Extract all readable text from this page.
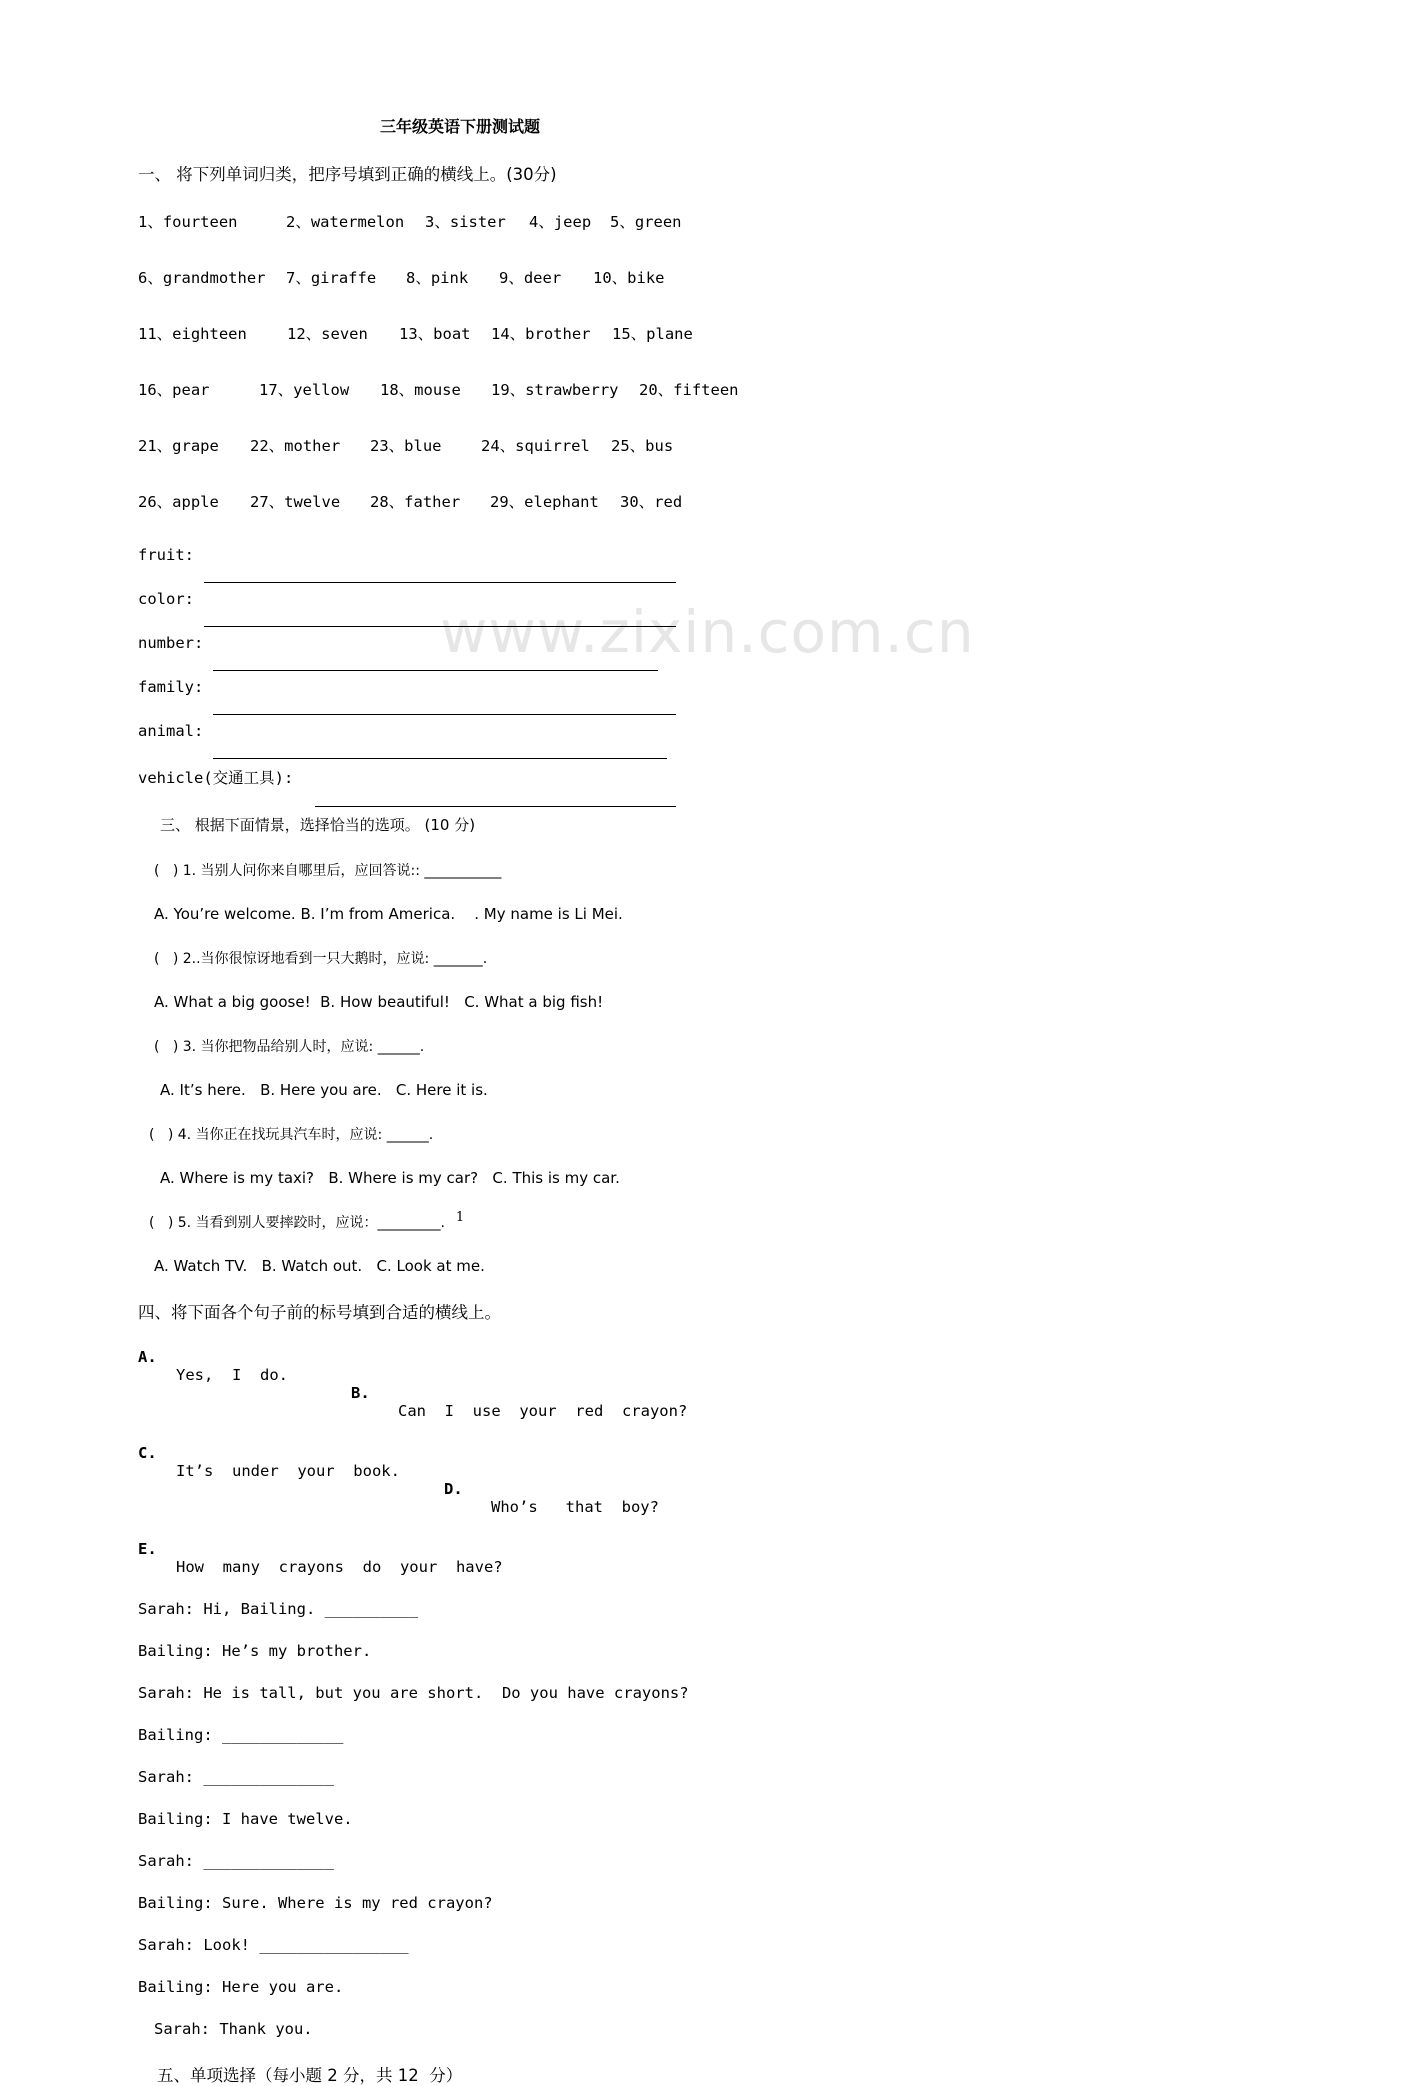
www.zixin.com.cn
三年级英语下册测试题
一、 将下列单词归类，把序号填到正确的横线上。(30分)
1、fourteen	2、watermelon 3、sister 4、jeep 5、green
6、grandmother 7、giraffe 8、pink 9、deer 10、bike
11、eighteen	12、seven 13、boat 14、brother 15、plane
16、pear	17、yellow 18、mouse 19、strawberry 20、fifteen
21、grape 22、mother 23、blue	24、squirrel 25、bus
26、apple 27、twelve 28、father 29、elephant 30、red
fruit:
color:
number:
family:
animal:
vehicle(交通工具):
三、 根据下面情景，选择恰当的选项。 (10 分)
(   ) 1. 当别人问你来自哪里后，应回答说:: ___________
A. You’re welcome. B. I’m from America.    . My name is Li Mei.
(   ) 2..当你很惊讶地看到一只大鹅时，应说: _______.
A. What a big goose!  B. How beautiful!   C. What a big fish!
(   ) 3. 当你把物品给别人时，应说: ______.
A. It’s here.   B. Here you are.   C. Here it is.
(   ) 4. 当你正在找玩具汽车时，应说: ______.
A. Where is my taxi?   B. Where is my car?   C. This is my car.
(   ) 5. 当看到别人要摔跤时，应说：_________.
A. Watch TV.   B. Watch out.   C. Look at me.
四、将下面各个句子前的标号填到合适的横线上。
A.
Yes,  I  do.
B.
Can  I  use  your  red  crayon?
C.
It’s  under  your  book.
D.
Who’s   that  boy?
E.
How  many  crayons  do  your  have?
Sarah: Hi, Bailing. __________
Bailing: He’s my brother.
Sarah: He is tall, but you are short.  Do you have crayons?
Bailing: _____________
Sarah: ______________
Bailing: I have twelve.
Sarah: ______________
Bailing: Sure. Where is my red crayon?
Sarah: Look! ________________
Bailing: Here you are.
Sarah: Thank you.
五、单项选择（每小题 2 分，共 12  分）
1
